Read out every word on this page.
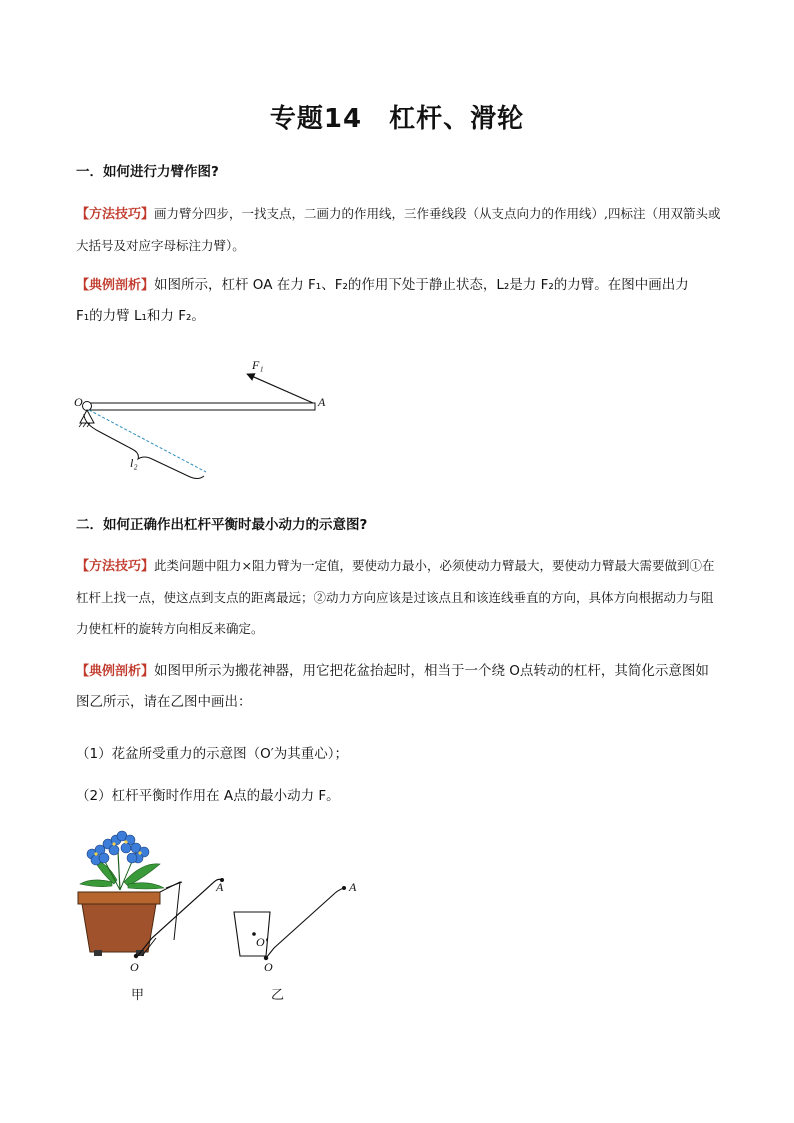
专题14　杠杆、滑轮
一．如何进行力臂作图?
【方法技巧】画力臂分四步，一找支点，二画力的作用线，三作垂线段（从支点向力的作用线）,四标注（用双箭头或大括号及对应字母标注力臂）。
【典例剖析】如图所示，杠杆 OA 在力 F₁、F₂的作用下处于静止状态，L₂是力 F₂的力臂。在图中画出力
F₁的力臂 L₁和力 F₂。
O	A
F₁
l₂
二．如何正确作出杠杆平衡时最小动力的示意图?
【方法技巧】此类问题中阻力×阻力臂为一定值，要使动力最小，必须使动力臂最大，要使动力臂最大需要做到①在杠杆上找一点，使这点到支点的距离最远；②动力方向应该是过该点且和该连线垂直的方向，具体方向根据动力与阻力使杠杆的旋转方向相反来确定。
【典例剖析】如图甲所示为搬花神器，用它把花盆抬起时，相当于一个绕 O点转动的杠杆，其简化示意图如图乙所示，请在乙图中画出：
（1）花盆所受重力的示意图（O′为其重心）；
（2）杠杆平衡时作用在 A点的最小动力 F。
A
O
甲
A
O′
O
乙
